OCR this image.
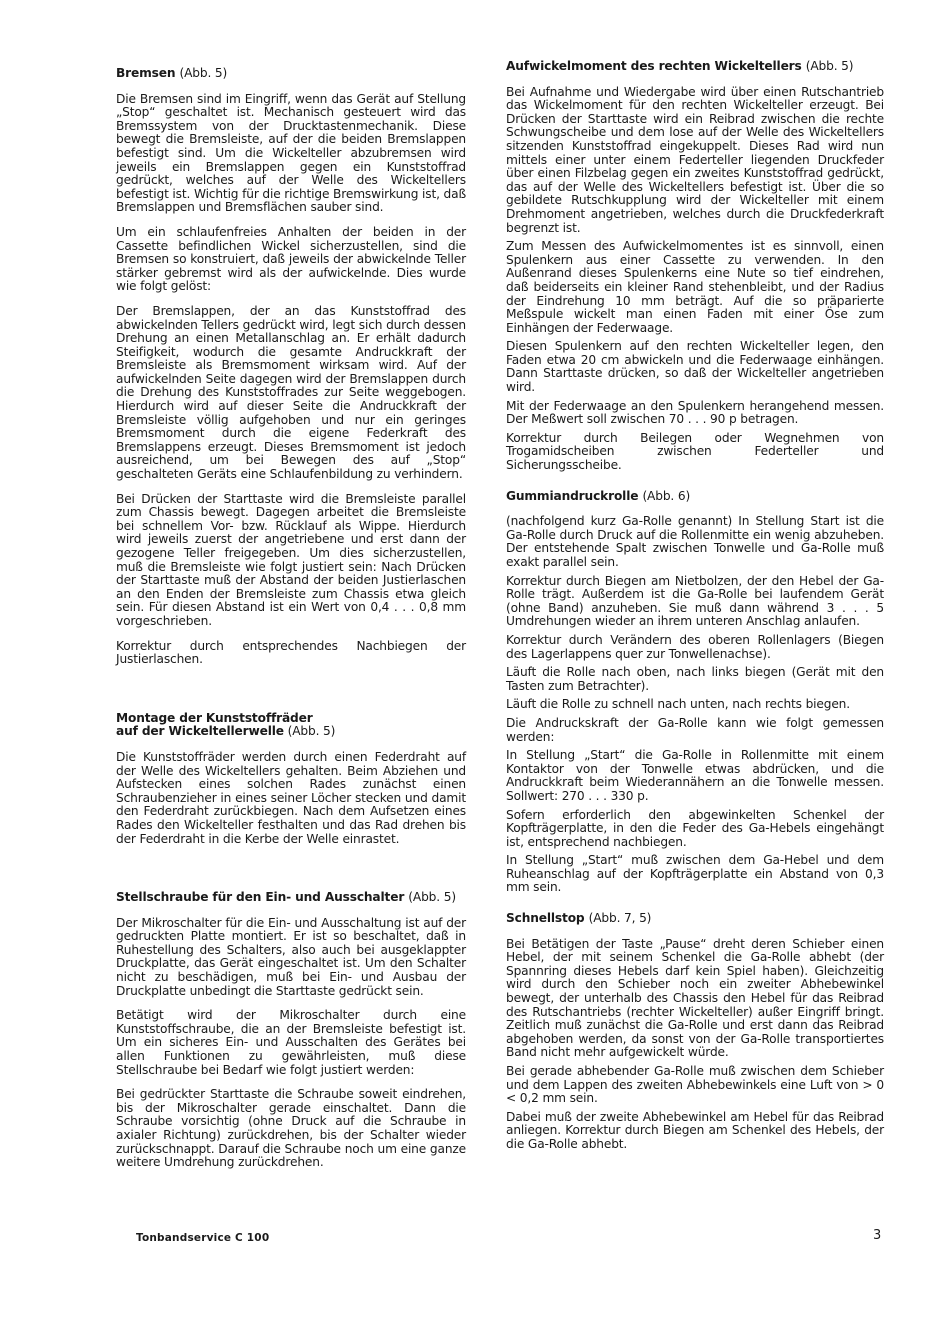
Bremsen (Abb. 5)

Die Bremsen sind im Eingriff, wenn das Gerät auf Stellung „Stop“ geschaltet ist. Mechanisch gesteuert wird das Bremssystem von der Drucktastenmechanik. Diese bewegt die Bremsleiste, auf der die beiden Bremslappen befestigt sind. Um die Wickelteller abzubremsen wird jeweils ein Bremslappen gegen ein Kunststoffrad gedrückt, welches auf der Welle des Wickeltellers befestigt ist. Wichtig für die richtige Bremswirkung ist, daß Bremslappen und Bremsflächen sauber sind.

Um ein schlaufenfreies Anhalten der beiden in der Cassette befindlichen Wickel sicherzustellen, sind die Bremsen so konstruiert, daß jeweils der abwickelnde Teller stärker gebremst wird als der aufwickelnde. Dies wurde wie folgt gelöst:

Der Bremslappen, der an das Kunststoffrad des abwickelnden Tellers gedrückt wird, legt sich durch dessen Drehung an einen Metallanschlag an. Er erhält dadurch Steifigkeit, wodurch die gesamte Andruckkraft der Bremsleiste als Bremsmoment wirksam wird. Auf der aufwickelnden Seite dagegen wird der Bremslappen durch die Drehung des Kunststoffrades zur Seite weggebogen. Hierdurch wird auf dieser Seite die Andruckkraft der Bremsleiste völlig aufgehoben und nur ein geringes Bremsmoment durch die eigene Federkraft des Bremslappens erzeugt. Dieses Bremsmoment ist jedoch ausreichend, um bei Bewegen des auf „Stop“ geschalteten Geräts eine Schlaufenbildung zu verhindern.

Bei Drücken der Starttaste wird die Bremsleiste parallel zum Chassis bewegt. Dagegen arbeitet die Bremsleiste bei schnellem Vor- bzw. Rücklauf als Wippe. Hierdurch wird jeweils zuerst der angetriebene und erst dann der gezogene Teller freigegeben. Um dies sicherzustellen, muß die Bremsleiste wie folgt justiert sein: Nach Drücken der Starttaste muß der Abstand der beiden Justierlaschen an den Enden der Bremsleiste zum Chassis etwa gleich sein. Für diesen Abstand ist ein Wert von 0,4 . . . 0,8 mm vorgeschrieben.

Korrektur durch entsprechendes Nachbiegen der Justierlaschen.

Montage der Kunststoffräder
auf der Wickeltellerwelle (Abb. 5)

Die Kunststoffräder werden durch einen Federdraht auf der Welle des Wickeltellers gehalten. Beim Abziehen und Aufstecken eines solchen Rades zunächst einen Schraubenzieher in eines seiner Löcher stecken und damit den Federdraht zurückbiegen. Nach dem Aufsetzen eines Rades den Wickelteller festhalten und das Rad drehen bis der Federdraht in die Kerbe der Welle einrastet.

Stellschraube für den Ein- und Ausschalter (Abb. 5)

Der Mikroschalter für die Ein- und Ausschaltung ist auf der gedruckten Platte montiert. Er ist so beschaltet, daß in Ruhestellung des Schalters, also auch bei ausgeklappter Druckplatte, das Gerät eingeschaltet ist. Um den Schalter nicht zu beschädigen, muß bei Ein- und Ausbau der Druckplatte unbedingt die Starttaste gedrückt sein.

Betätigt wird der Mikroschalter durch eine Kunststoffschraube, die an der Bremsleiste befestigt ist. Um ein sicheres Ein- und Ausschalten des Gerätes bei allen Funktionen zu gewährleisten, muß diese Stellschraube bei Bedarf wie folgt justiert werden:

Bei gedrückter Starttaste die Schraube soweit eindrehen, bis der Mikroschalter gerade einschaltet. Dann die Schraube vorsichtig (ohne Druck auf die Schraube in axialer Richtung) zurückdrehen, bis der Schalter wieder zurückschnappt. Darauf die Schraube noch um eine ganze weitere Umdrehung zurückdrehen.

Aufwickelmoment des rechten Wickeltellers (Abb. 5)

Bei Aufnahme und Wiedergabe wird über einen Rutschantrieb das Wickelmoment für den rechten Wickelteller erzeugt. Bei Drücken der Starttaste wird ein Reibrad zwischen die rechte Schwungscheibe und dem lose auf der Welle des Wickeltellers sitzenden Kunststoffrad eingekuppelt. Dieses Rad wird nun mittels einer unter einem Federteller liegenden Druckfeder über einen Filzbelag gegen ein zweites Kunststoffrad gedrückt, das auf der Welle des Wickeltellers befestigt ist. Über die so gebildete Rutschkupplung wird der Wickelteller mit einem Drehmoment angetrieben, welches durch die Druckfederkraft begrenzt ist.

Zum Messen des Aufwickelmomentes ist es sinnvoll, einen Spulenkern aus einer Cassette zu verwenden. In den Außenrand dieses Spulenkerns eine Nute so tief eindrehen, daß beiderseits ein kleiner Rand stehenbleibt, und der Radius der Eindrehung 10 mm beträgt. Auf die so präparierte Meßspule wickelt man einen Faden mit einer Öse zum Einhängen der Federwaage.

Diesen Spulenkern auf den rechten Wickelteller legen, den Faden etwa 20 cm abwickeln und die Federwaage einhängen. Dann Starttaste drücken, so daß der Wickelteller angetrieben wird.

Mit der Federwaage an den Spulenkern herangehend messen. Der Meßwert soll zwischen 70 . . . 90 p betragen.

Korrektur durch Beilegen oder Wegnehmen von Trogamidscheiben zwischen Federteller und Sicherungsscheibe.

Gummiandruckrolle (Abb. 6)

(nachfolgend kurz Ga-Rolle genannt) In Stellung Start ist die Ga-Rolle durch Druck auf die Rollenmitte ein wenig abzuheben. Der entstehende Spalt zwischen Tonwelle und Ga-Rolle muß exakt parallel sein.

Korrektur durch Biegen am Nietbolzen, der den Hebel der Ga-Rolle trägt. Außerdem ist die Ga-Rolle bei laufendem Gerät (ohne Band) anzuheben. Sie muß dann während 3 . . . 5 Umdrehungen wieder an ihrem unteren Anschlag anlaufen.

Korrektur durch Verändern des oberen Rollenlagers (Biegen des Lagerlappens quer zur Tonwellenachse).

Läuft die Rolle nach oben, nach links biegen (Gerät mit den Tasten zum Betrachter).

Läuft die Rolle zu schnell nach unten, nach rechts biegen.

Die Andruckskraft der Ga-Rolle kann wie folgt gemessen werden:

In Stellung „Start“ die Ga-Rolle in Rollenmitte mit einem Kontaktor von der Tonwelle etwas abdrücken, und die Andruckkraft beim Wiederannähern an die Tonwelle messen. Sollwert: 270 . . . 330 p.

Sofern erforderlich den abgewinkelten Schenkel der Kopfträgerplatte, in den die Feder des Ga-Hebels eingehängt ist, entsprechend nachbiegen.

In Stellung „Start“ muß zwischen dem Ga-Hebel und dem Ruheanschlag auf der Kopfträgerplatte ein Abstand von 0,3 mm sein.

Schnellstop (Abb. 7, 5)

Bei Betätigen der Taste „Pause“ dreht deren Schieber einen Hebel, der mit seinem Schenkel die Ga-Rolle abhebt (der Spannring dieses Hebels darf kein Spiel haben). Gleichzeitig wird durch den Schieber noch ein zweiter Abhebewinkel bewegt, der unterhalb des Chassis den Hebel für das Reibrad des Rutschantriebs (rechter Wickelteller) außer Eingriff bringt. Zeitlich muß zunächst die Ga-Rolle und erst dann das Reibrad abgehoben werden, da sonst von der Ga-Rolle transportiertes Band nicht mehr aufgewickelt würde.

Bei gerade abhebender Ga-Rolle muß zwischen dem Schieber und dem Lappen des zweiten Abhebewinkels eine Luft von > 0 < 0,2 mm sein.

Dabei muß der zweite Abhebewinkel am Hebel für das Reibrad anliegen. Korrektur durch Biegen am Schenkel des Hebels, der die Ga-Rolle abhebt.

Tonbandservice C 100	3
